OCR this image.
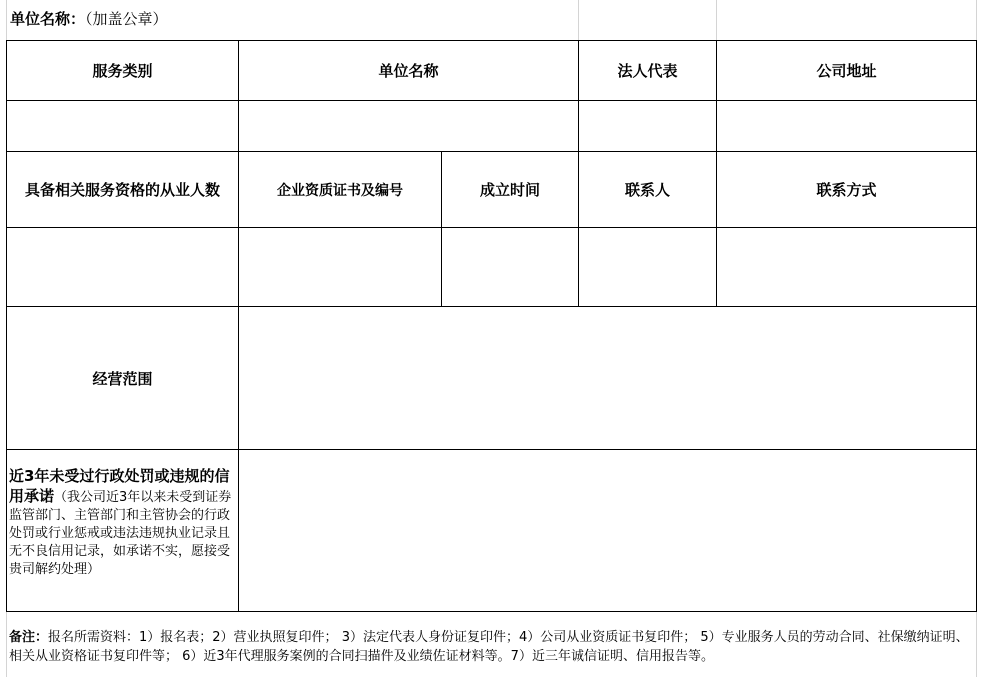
单位名称：（加盖公章）
服务类别	单位名称	法人代表	公司地址
具备相关服务资格的从业人数	企业资质证书及编号	成立时间	联系人	联系方式
经营范围
近3年未受过行政处罚或违规的信用承诺（我公司近3年以来未受到证券监管部门、主管部门和主管协会的行政处罚或行业惩戒或违法违规执业记录且无不良信用记录，如承诺不实，愿接受贵司解约处理）
备注：报名所需资料：1）报名表；2）营业执照复印件； 3）法定代表人身份证复印件；4）公司从业资质证书复印件； 5）专业服务人员的劳动合同、社保缴纳证明、相关从业资格证书复印件等； 6）近3年代理服务案例的合同扫描件及业绩佐证材料等。7）近三年诚信证明、信用报告等。
